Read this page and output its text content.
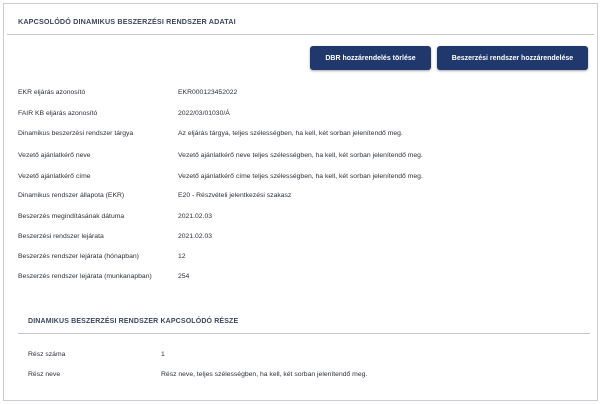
KAPCSOLÓDÓ DINAMIKUS BESZERZÉSI RENDSZER ADATAI
DBR hozzárendelés törlése	Beszerzési rendszer hozzárendelése
EKR eljárás azonosító	EKR000123452022
FAIR KB eljárás azonosító	2022/03/01030/Á
Dinamikus beszerzési rendszer tárgya	Az eljárás tárgya, teljes szélességben, ha kell, két sorban jelenítendő meg.
Vezető ajánlatkérő neve	Vezető ajánlatkérő neve teljes szélességben, ha kell, két sorban jelenítendő meg.
Vezető ajánlatkérő címe	Vezető ajánlatkérő címe teljes szélességben, ha kell, két sorban jelenítendő meg.
Dinamikus rendszer állapota (EKR)	E20 - Részvételi jelentkezési szakasz
Beszerzés megindításának dátuma	2021.02.03
Beszerzési rendszer lejárata	2021.02.03
Beszerzés rendszer lejárata (hónapban)	12
Beszerzés rendszer lejárata (munkanapban)	254
DINAMIKUS BESZERZÉSI RENDSZER KAPCSOLÓDÓ RÉSZE
Rész száma	1
Rész neve	Rész neve, teljes szélességben, ha kell, két sorban jelenítendő meg.
